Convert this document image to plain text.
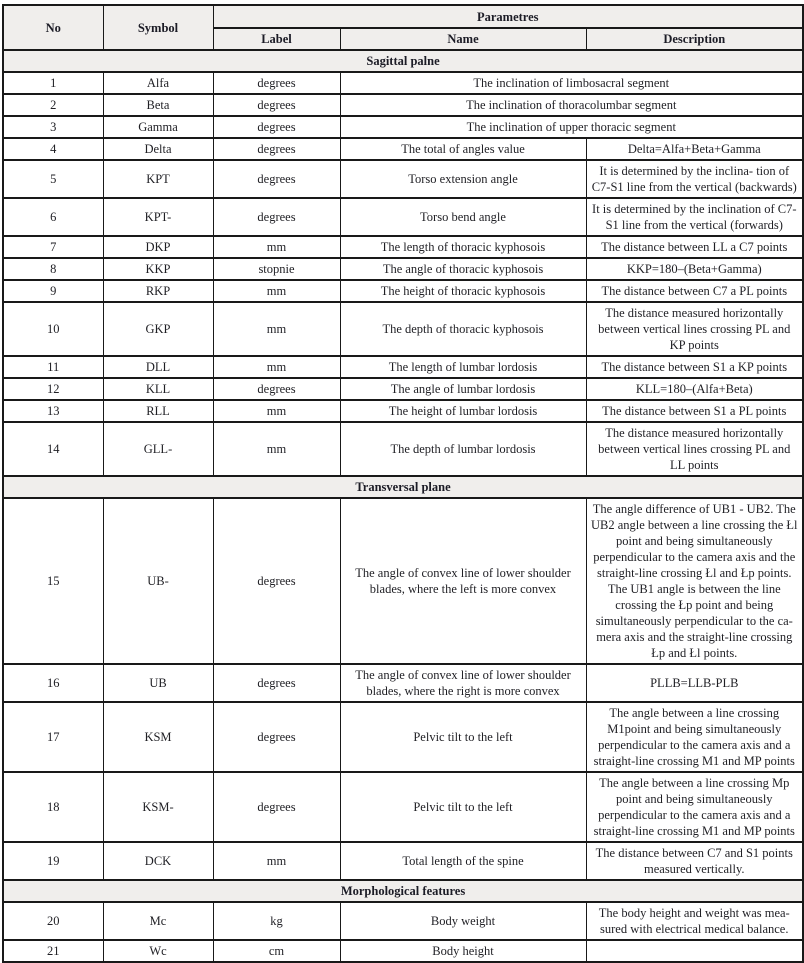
No	Symbol	Parametres		
		Label	Name	Description
Sagittal palne				
1	Alfa	degrees	The inclination of limbosacral segment	
2	Beta	degrees	The inclination of thoracolumbar segment	
3	Gamma	degrees	The inclination of upper thoracic segment	
4	Delta	degrees	The total of angles value	Delta=Alfa+Beta+Gamma
5	KPT	degrees	Torso extension angle	It is determined by the inclina- tion of C7-S1 line from the vertical (backwards)
6	KPT-	degrees	Torso bend angle	It is determined by the inclination of C7-S1 line from the vertical (forwards)
7	DKP	mm	The length of thoracic kyphosois	The distance between LL a C7 points
8	KKP	stopnie	The angle of thoracic kyphosois	KKP=180–(Beta+Gamma)
9	RKP	mm	The height of thoracic kyphosois	The distance between C7 a PL points
10	GKP	mm	The depth of thoracic kyphosois	The distance measured horizontally between vertical lines crossing PL and KP points
11	DLL	mm	The length of lumbar lordosis	The distance between S1 a KP points
12	KLL	degrees	The angle of lumbar lordosis	KLL=180–(Alfa+Beta)
13	RLL	mm	The height of lumbar lordosis	The distance between S1 a PL points
14	GLL-	mm	The depth of lumbar lordosis	The distance measured horizontally between vertical lines crossing PL and LL points
Transversal plane				
15	UB-	degrees	The angle of convex line of lower shoulder blades, where the left is more convex	The angle difference of UB1 - UB2. The UB2 angle between a line crossing the Łl point and being simultaneously perpendicular to the camera axis and the straight-line crossing Łl and Łp points. The UB1 angle is between the line crossing the Łp point and being simultaneously perpendicular to the ca- mera axis and the straight-line crossing Łp and Łl points.
16	UB	degrees	The angle of convex line of lower shoulder blades, where the right is more convex	PLLB=LLB-PLB
17	KSM	degrees	Pelvic tilt to the left	The angle between a line crossing M1point and being simultaneously perpendicular to the camera axis and a straight-line crossing M1 and MP points
18	KSM-	degrees	Pelvic tilt to the left	The angle between a line crossing Mp point and being simultaneously perpendicular to the camera axis and a straight-line crossing M1 and MP points
19	DCK	mm	Total length of the spine	The distance between C7 and S1 points measured vertically.
Morphological features				
20	Mc	kg	Body weight	The body height and weight was mea- sured with electrical medical balance.
21	Wc	cm	Body height	
